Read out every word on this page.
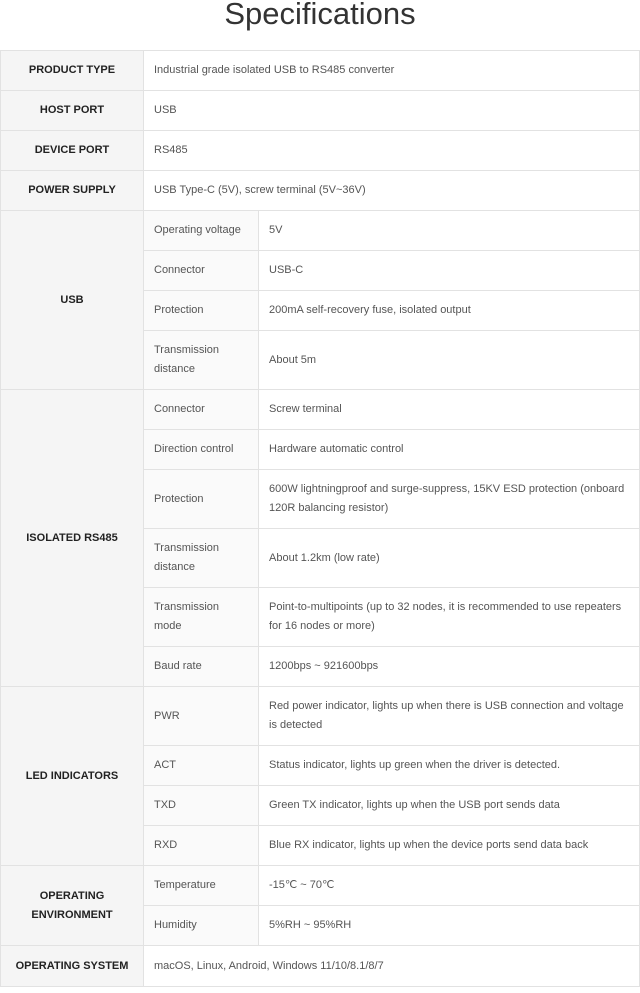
Specifications
PRODUCT TYPE	Industrial grade isolated USB to RS485 converter	
HOST PORT	USB	
DEVICE PORT	RS485	
POWER SUPPLY	USB Type-C (5V), screw terminal (5V~36V)	
USB	Operating voltage	5V
	Connector	USB-C
	Protection	200mA self-recovery fuse, isolated output
	Transmission distance	About 5m
ISOLATED RS485	Connector	Screw terminal
	Direction control	Hardware automatic control
	Protection	600W lightningproof and surge-suppress, 15KV ESD protection (onboard 120R balancing resistor)
	Transmission distance	About 1.2km (low rate)
	Transmission mode	Point-to-multipoints (up to 32 nodes, it is recommended to use repeaters for 16 nodes or more)
	Baud rate	1200bps ~ 921600bps
LED INDICATORS	PWR	Red power indicator, lights up when there is USB connection and voltage is detected
	ACT	Status indicator, lights up green when the driver is detected.
	TXD	Green TX indicator, lights up when the USB port sends data
	RXD	Blue RX indicator, lights up when the device ports send data back
OPERATING ENVIRONMENT	Temperature	-15℃ ~ 70℃
	Humidity	5%RH ~ 95%RH
OPERATING SYSTEM	macOS, Linux, Android, Windows 11/10/8.1/8/7	
